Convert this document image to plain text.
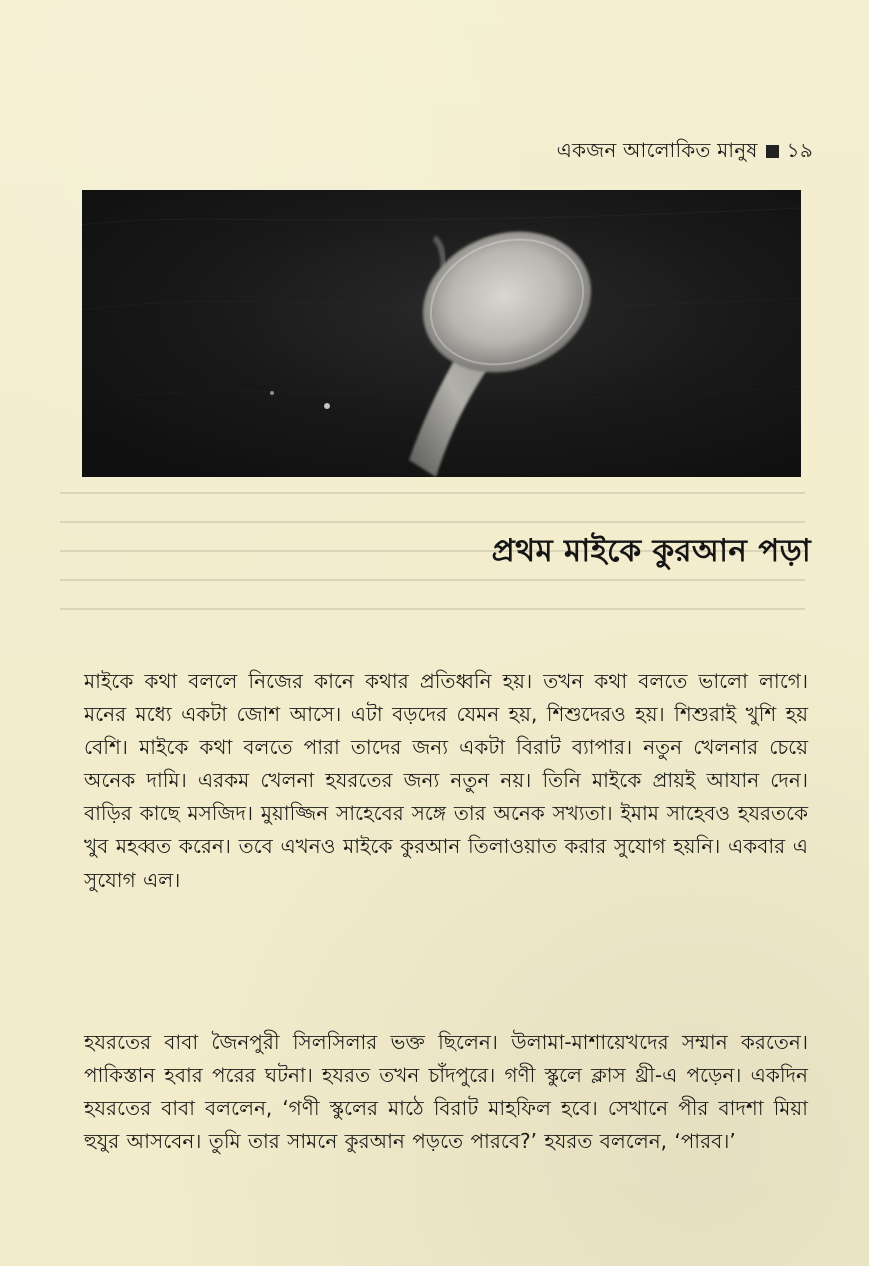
একজন আলোকিত মানুষ ১৯
প্রথম মাইকে কুরআন পড়া
মাইকে কথা বললে নিজের কানে কথার প্রতিধ্বনি হয়। তখন কথা বলতে ভালো লাগে। মনের মধ্যে একটা জোশ আসে। এটা বড়দের যেমন হয়, শিশুদেরও হয়। শিশুরাই খুশি হয় বেশি। মাইকে কথা বলতে পারা তাদের জন্য একটা বিরাট ব্যাপার। নতুন খেলনার চেয়ে অনেক দামি। এরকম খেলনা হযরতের জন্য নতুন নয়। তিনি মাইকে প্রায়ই আযান দেন। বাড়ির কাছে মসজিদ। মুয়াজ্জিন সাহেবের সঙ্গে তার অনেক সখ্যতা। ইমাম সাহেবও হযরতকে খুব মহব্বত করেন। তবে এখনও মাইকে কুরআন তিলাওয়াত করার সুযোগ হয়নি। একবার এ সুযোগ এল।
হযরতের বাবা জৈনপুরী সিলসিলার ভক্ত ছিলেন। উলামা-মাশায়েখদের সম্মান করতেন। পাকিস্তান হবার পরের ঘটনা। হযরত তখন চাঁদপুরে। গণী স্কুলে ক্লাস থ্রী-এ পড়েন। একদিন হযরতের বাবা বললেন, ‘গণী স্কুলের মাঠে বিরাট মাহফিল হবে। সেখানে পীর বাদশা মিয়া হুযুর আসবেন। তুমি তার সামনে কুরআন পড়তে পারবে?’ হযরত বললেন, ‘পারব।’
